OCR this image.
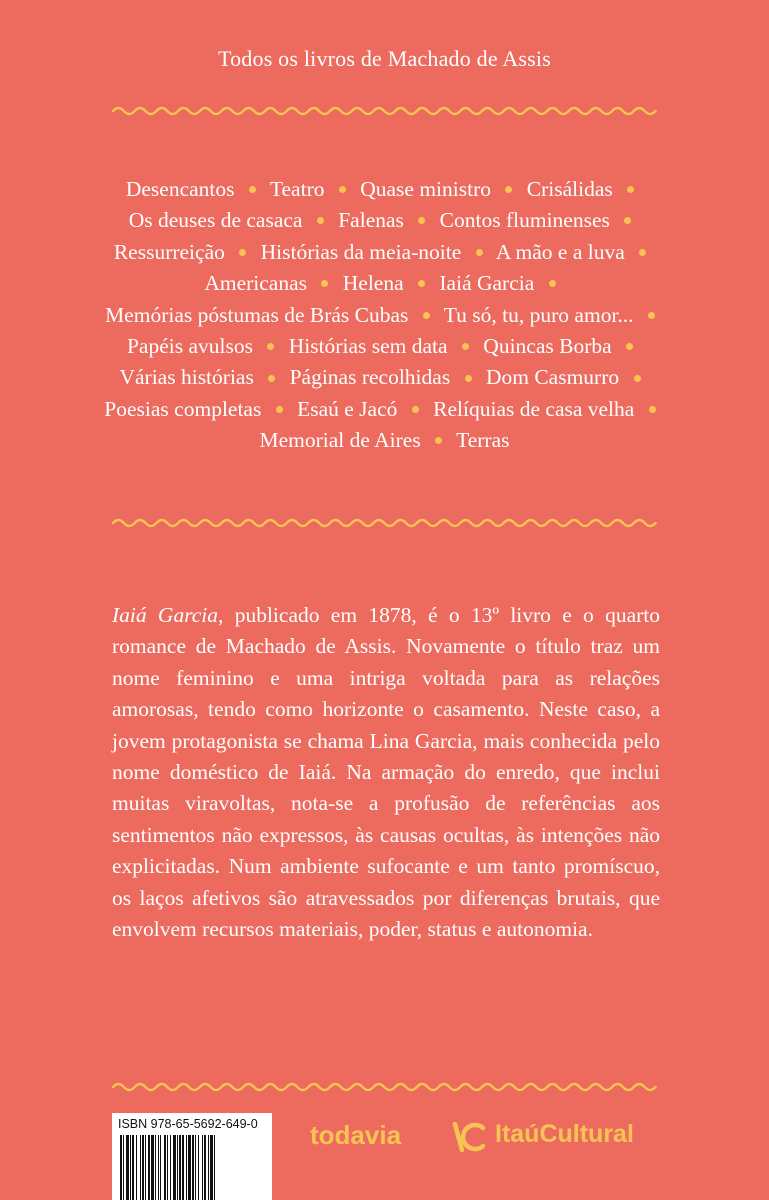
Todos os livros de Machado de Assis
Desencantos Teatro Quase ministro Crisálidas  Os deuses de casaca Falenas Contos fluminenses  Ressurreição Histórias da meia-noite A mão e a luva  Americanas Helena Iaiá Garcia  Memórias póstumas de Brás Cubas Tu só, tu, puro amor...  Papéis avulsos Histórias sem data Quincas Borba  Várias histórias Páginas recolhidas Dom Casmurro  Poesias completas Esaú e Jacó Relíquias de casa velha  Memorial de Aires Terras

Iaiá Garcia, publicado em 1878, é o 13º livro e o quarto romance de Machado de Assis. Novamente o título traz um nome feminino e uma intriga voltada para as relações amorosas, tendo como horizonte o casamento. Neste caso, a jovem protagonista se chama Lina Garcia, mais conhecida pelo nome doméstico de Iaiá. Na armação do enredo, que inclui muitas viravoltas, nota-se a profusão de referências aos sentimentos não expressos, às causas ocultas, às intenções não explicitadas. Num ambiente sufocante e um tanto promíscuo, os laços afetivos são atravessados por diferenças brutais, que envolvem recursos materiais, poder, status e autonomia.

ISBN 978-65-5692-649-0 todavia	ItaúCultural
